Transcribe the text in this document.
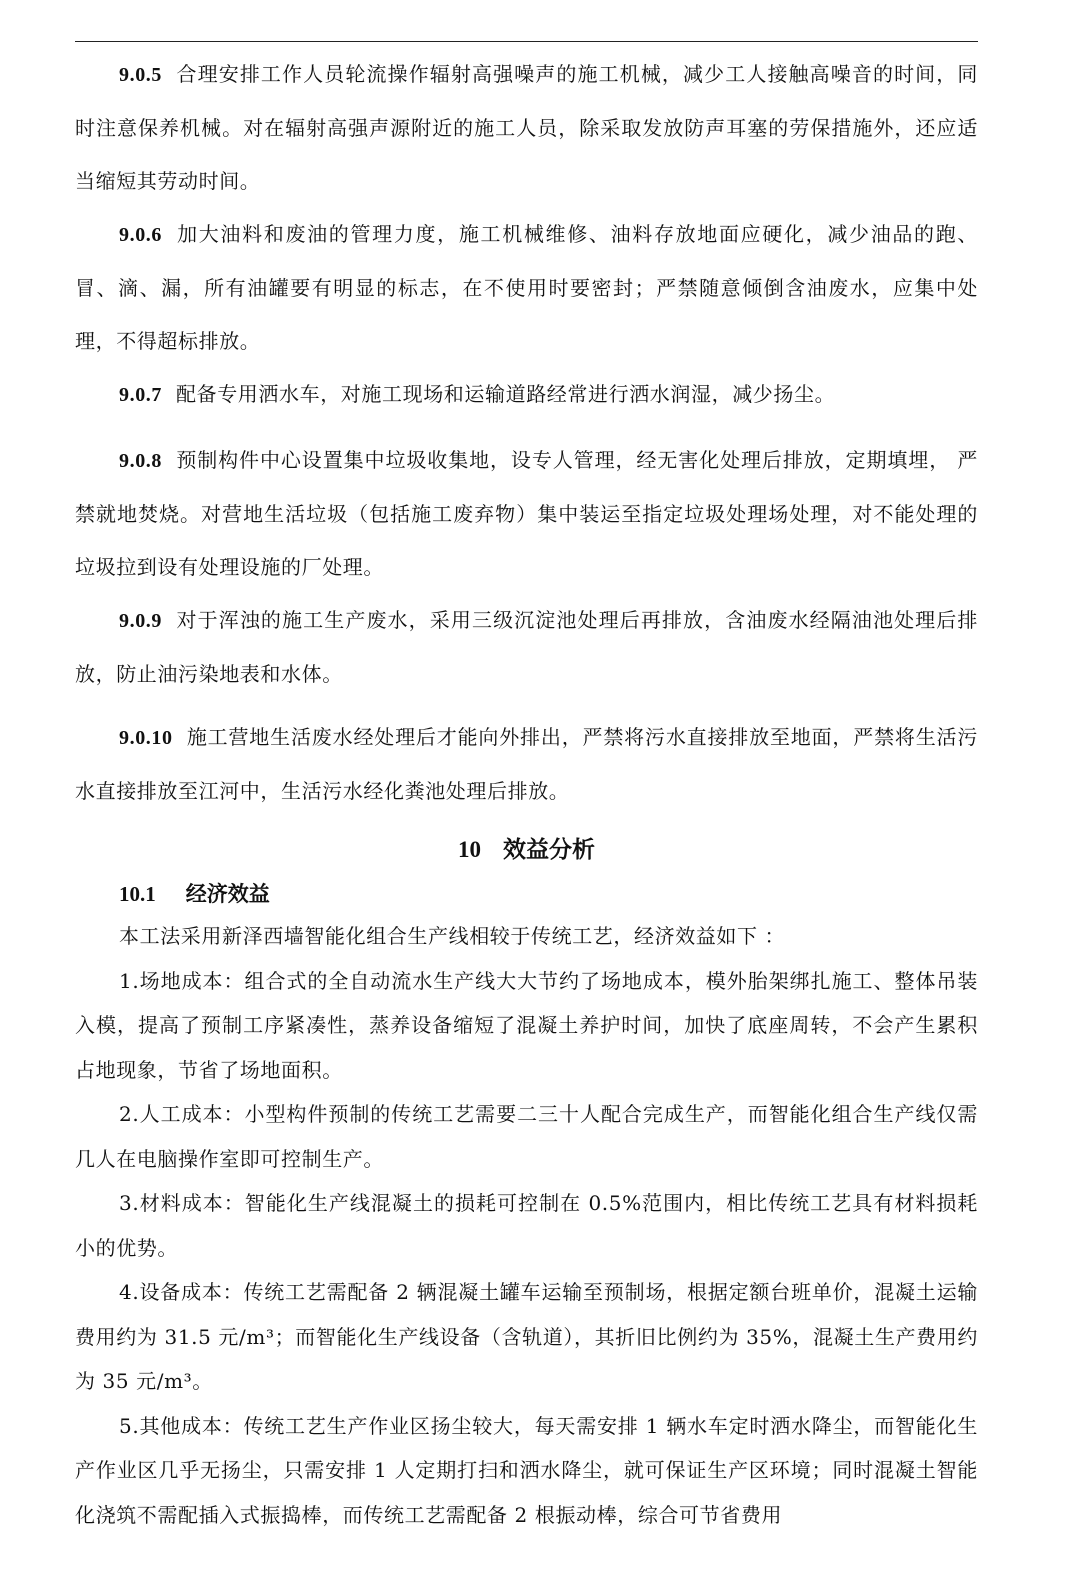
9.0.5 合理安排工作人员轮流操作辐射高强噪声的施工机械，减少工人接触高噪音的时间，同时注意保养机械。对在辐射高强声源附近的施工人员，除采取发放防声耳塞的劳保措施外，还应适当缩短其劳动时间。

9.0.6 加大油料和废油的管理力度，施工机械维修、油料存放地面应硬化，减少油品的跑、冒、滴、漏，所有油罐要有明显的标志，在不使用时要密封；严禁随意倾倒含油废水，应集中处理，不得超标排放。

9.0.7 配备专用洒水车，对施工现场和运输道路经常进行洒水润湿，减少扬尘。

9.0.8 预制构件中心设置集中垃圾收集地，设专人管理，经无害化处理后排放，定期填埋， 严禁就地焚烧。对营地生活垃圾（包括施工废弃物）集中装运至指定垃圾处理场处理，对不能处理的垃圾拉到设有处理设施的厂处理。

9.0.9 对于浑浊的施工生产废水，采用三级沉淀池处理后再排放，含油废水经隔油池处理后排放，防止油污染地表和水体。

9.0.10 施工营地生活废水经处理后才能向外排出，严禁将污水直接排放至地面，严禁将生活污水直接排放至江河中，生活污水经化粪池处理后排放。

10 效益分析
10.1 经济效益

本工法采用新泽西墙智能化组合生产线相较于传统工艺，经济效益如下 ：

1.场地成本：组合式的全自动流水生产线大大节约了场地成本，模外胎架绑扎施工、整体吊装入模，提高了预制工序紧凑性，蒸养设备缩短了混凝土养护时间，加快了底座周转，不会产生累积占地现象，节省了场地面积。

2.人工成本：小型构件预制的传统工艺需要二三十人配合完成生产，而智能化组合生产线仅需几人在电脑操作室即可控制生产。

3.材料成本：智能化生产线混凝土的损耗可控制在 0.5%范围内，相比传统工艺具有材料损耗小的优势。

4.设备成本：传统工艺需配备 2 辆混凝土罐车运输至预制场，根据定额台班单价，混凝土运输费用约为 31.5 元/m³；而智能化生产线设备（含轨道），其折旧比例约为 35%，混凝土生产费用约为 35 元/m³。

5.其他成本：传统工艺生产作业区扬尘较大，每天需安排 1 辆水车定时洒水降尘，而智能化生产作业区几乎无扬尘，只需安排 1 人定期打扫和洒水降尘，就可保证生产区环境；同时混凝土智能化浇筑不需配插入式振捣棒，而传统工艺需配备 2 根振动棒，综合可节省费用
